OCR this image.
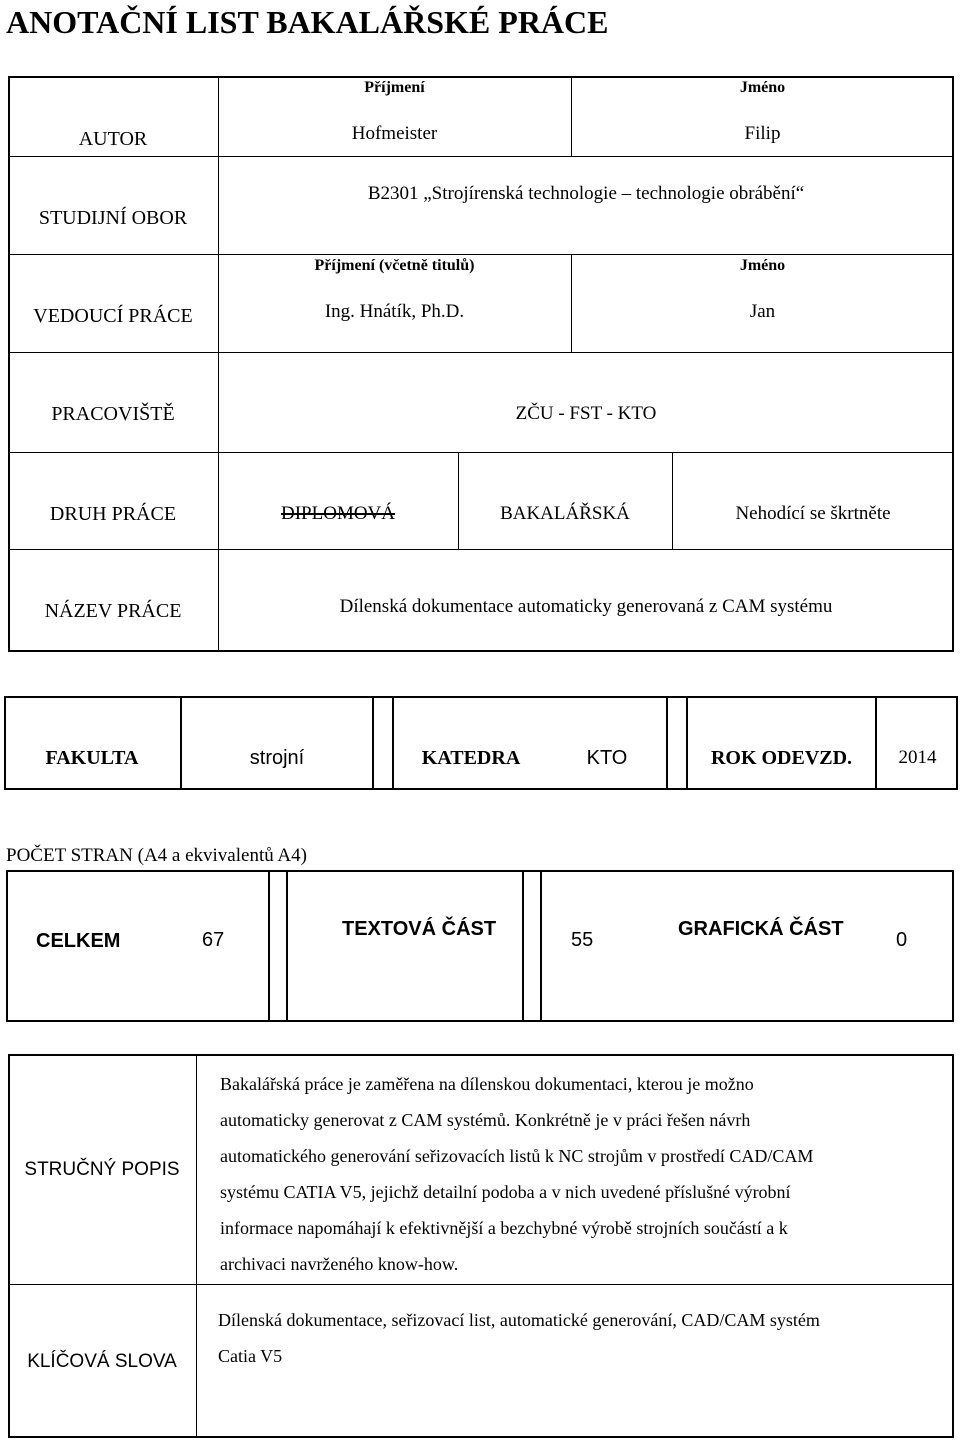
ANOTAČNÍ LIST BAKALÁŘSKÉ PRÁCE
AUTOR
Příjmení	Jméno
Hofmeister	Filip
STUDIJNÍ OBOR
B2301 „Strojírenská technologie – technologie obrábění“
VEDOUCÍ PRÁCE
Příjmení (včetně titulů)	Jméno
Ing. Hnátík, Ph.D.	Jan
PRACOVIŠTĚ	ZČU - FST - KTO
DRUH PRÁCE	DIPLOMOVÁ	BAKALÁŘSKÁ	Nehodící se škrtněte
NÁZEV PRÁCE	Dílenská dokumentace automaticky generovaná z CAM systému
FAKULTA	strojní	KATEDRA	KTO	ROK ODEVZD.	2014
POČET STRAN (A4 a ekvivalentů A4)
CELKEM	67	TEXTOVÁ ČÁST	55	GRAFICKÁ ČÁST	0
STRUČNÝ POPIS
Bakalářská práce je zaměřena na dílenskou dokumentaci, kterou je možno
automaticky generovat z CAM systémů. Konkrétně je v práci řešen návrh
automatického generování seřizovacích listů k NC strojům v prostředí CAD/CAM
systému CATIA V5, jejichž detailní podoba a v nich uvedené příslušné výrobní
informace napomáhají k efektivnější a bezchybné výrobě strojních součástí a k
archivaci navrženého know-how.
KLÍČOVÁ SLOVA
Dílenská dokumentace, seřizovací list, automatické generování, CAD/CAM systém
Catia V5
